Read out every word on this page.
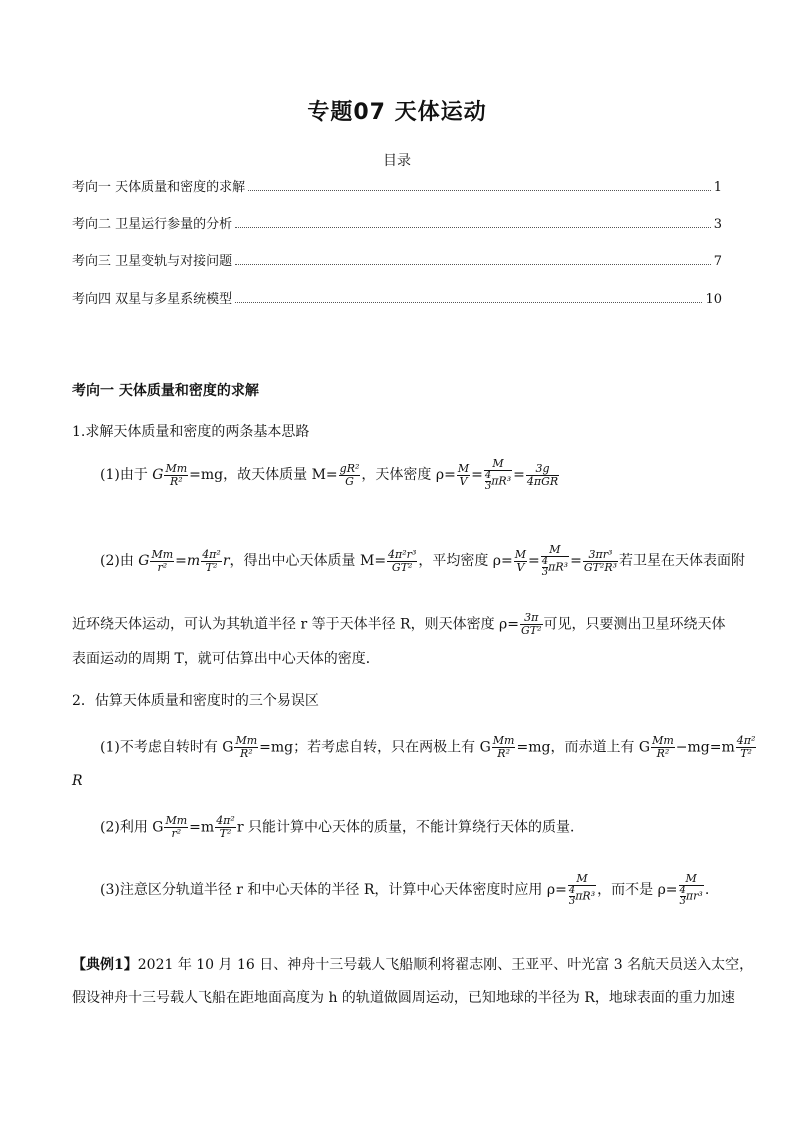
专题07 天体运动
目录
考向一 天体质量和密度的求解	1
考向二 卫星运行参量的分析	3
考向三 卫星变轨与对接问题	7
考向四 双星与多星系统模型	10
考向一 天体质量和密度的求解
1.求解天体质量和密度的两条基本思路
(1)由于 G $\frac{Mm}{\text{R²}} =mg$，故天体质量 $M= \frac{\text{gR²}}{G}$ ，天体密度 $\rho= \frac{M}{V} = \frac{M}{\frac{4}{3} \pi R^3} = \frac{3g}{\text{4πGR}}$
(2)由 G $\frac{Mm}{\text{r²}} =m \frac{\text{4π²}}{\text{T²}}$ r，得出中心天体质量 $M= \frac{\text{4π²r³}}{\text{GT²}}$ ，平均密度 $\rho= \frac{M}{V} = \frac{M}{\frac{4}{3} \pi R^3} = \frac{\text{3πr³}}{\text{GT²R³}}$ 若卫星在天体表面附
近环绕天体运动，可认为其轨道半径 r 等于天体半径 R，则天体密度 $\rho= \frac{3\pi}{\text{GT²}}$ 可见，只要测出卫星环绕天体
表面运动的周期 T，就可估算出中心天体的密度．
2．估算天体质量和密度时的三个易误区
(1)不考虑自转时有 G $\frac{Mm}{\text{R²}} =mg$；若考虑自转，只在两极上有 G $\frac{Mm}{\text{R²}} =mg$，而赤道上有 G $\frac{Mm}{\text{R²}} -mg=m \frac{\text{4π²}}{\text{T²}}$
R
(2)利用 G $\frac{Mm}{\text{r²}} =m \frac{\text{4π²}}{\text{T²}}$ r 只能计算中心天体的质量，不能计算绕行天体的质量．
(3)注意区分轨道半径 r 和中心天体的半径 R，计算中心天体密度时应用 $\rho= \frac{M}{\frac{4}{3} \pi R^3}$ ，而不是 $\rho= \frac{M}{\frac{4}{3} \pi r^3}$ .
【典例1】2021 年 10 月 16 日、神舟十三号载人飞船顺利将翟志刚、王亚平、叶光富 3 名航天员送入太空，
假设神舟十三号载人飞船在距地面高度为 h 的轨道做圆周运动，已知地球的半径为 R，地球表面的重力加速
